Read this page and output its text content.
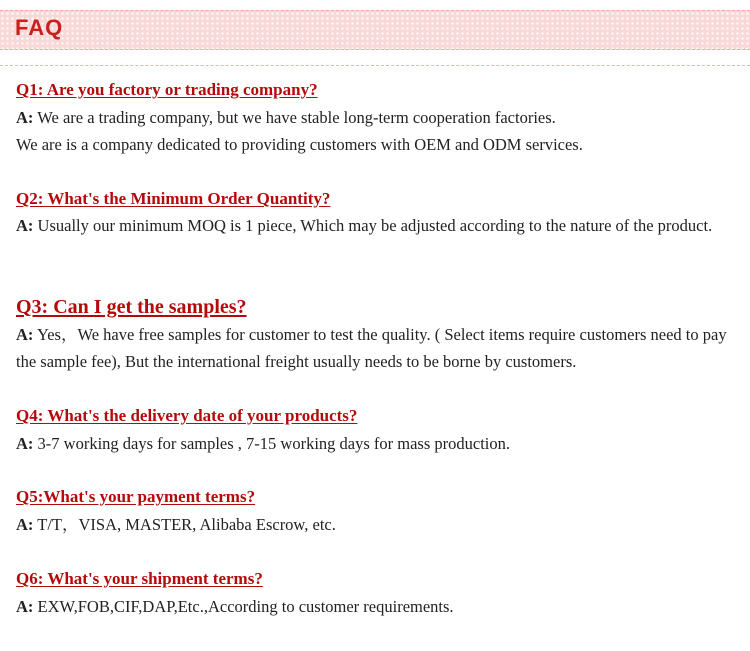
FAQ
Q1: Are you factory or trading company?
A: We are a trading company, but we have stable long-term cooperation factories.
We are is a company dedicated to providing customers with OEM and ODM services.
Q2: What's the Minimum Order Quantity?
A: Usually our minimum MOQ is 1 piece, Which may be adjusted according to the nature of the product.
Q3: Can I get the samples?
A: Yes，We have free samples for customer to test the quality. ( Select items require customers need to pay the sample fee), But the international freight usually needs to be borne by customers.
Q4: What's the delivery date of your products?
A: 3-7 working days for samples , 7-15 working days for mass production.
Q5:What's your payment terms?
A: T/T，VISA, MASTER, Alibaba Escrow, etc.
Q6: What's your shipment terms?
A: EXW,FOB,CIF,DAP,Etc.,According to customer requirements.
